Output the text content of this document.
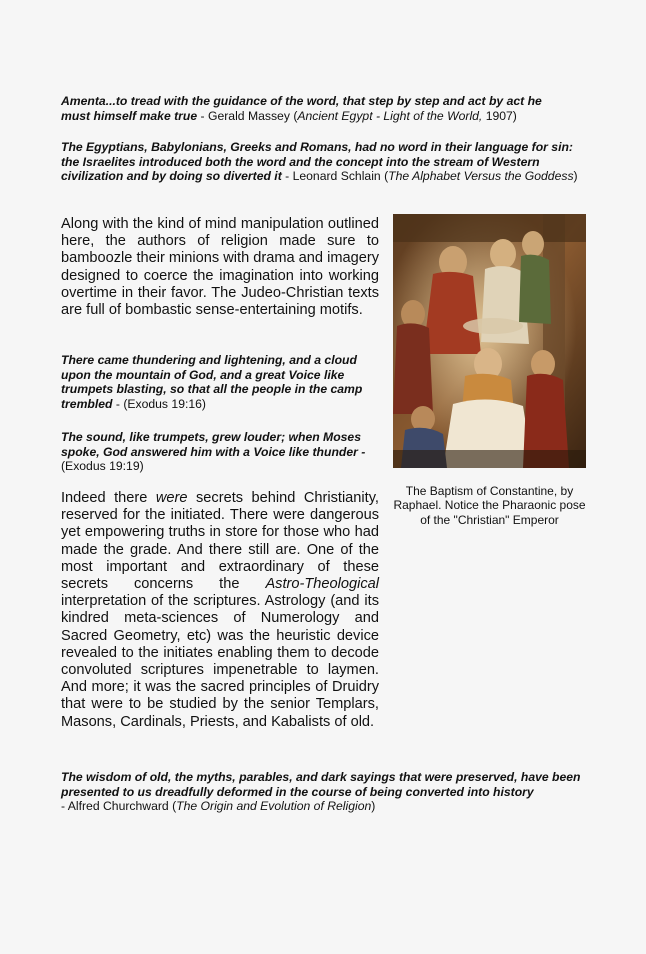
Amenta...to tread with the guidance of the word, that step by step and act by act he must himself make true - Gerald Massey (Ancient Egypt - Light of the World, 1907)

The Egyptians, Babylonians, Greeks and Romans, had no word in their language for sin: the Israelites introduced both the word and the concept into the stream of Western civilization and by doing so diverted it - Leonard Schlain (The Alphabet Versus the Goddess)

Along with the kind of mind manipulation outlined here, the authors of religion made sure to bamboozle their minions with drama and imagery designed to coerce the imagination into working overtime in their favor. The Judeo-Christian texts are full of bombastic sense-entertaining motifs.

There came thundering and lightening, and a cloud upon the mountain of God, and a great Voice like trumpets blasting, so that all the people in the camp trembled - (Exodus 19:16)

The sound, like trumpets, grew louder; when Moses spoke, God answered him with a Voice like thunder - (Exodus 19:19)

Indeed there were secrets behind Christianity, reserved for the initiated. There were dangerous yet empowering truths in store for those who had made the grade. And there still are. One of the most important and extraordinary of these secrets concerns the Astro-Theological interpretation of the scriptures. Astrology (and its kindred meta-sciences of Numerology and Sacred Geometry, etc) was the heuristic device revealed to the initiates enabling them to decode convoluted scriptures impenetrable to laymen. And more; it was the sacred principles of Druidry that were to be studied by the senior Templars, Masons, Cardinals, Priests, and Kabalists of old.

The Baptism of Constantine, by Raphael. Notice the Pharaonic pose of the "Christian" Emperor

The wisdom of old, the myths, parables, and dark sayings that were preserved, have been presented to us dreadfully deformed in the course of being converted into history
- Alfred Churchward (The Origin and Evolution of Religion)
